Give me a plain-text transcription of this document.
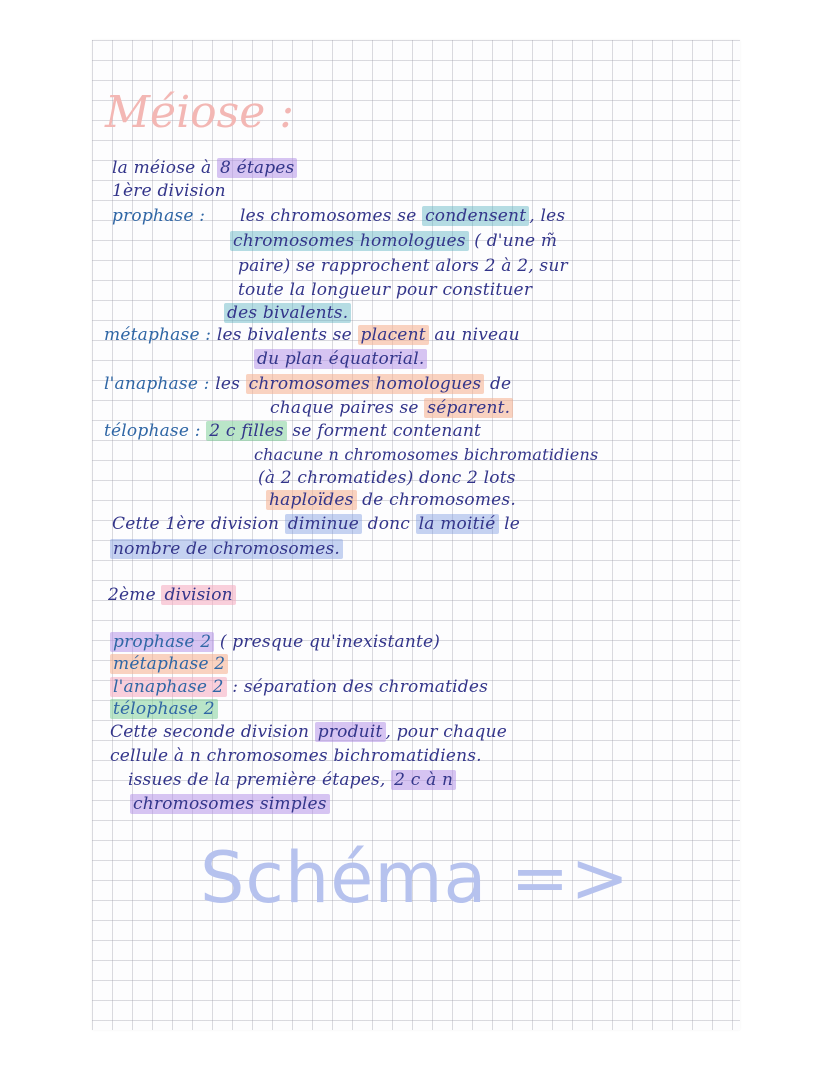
Méiose :
la méiose à 8 étapes
1ère division
prophase : les chromosomes se condensent , les
chromosomes homologues ( d'une m̃
paire) se rapprochent alors 2 à 2, sur
toute la longueur pour constituer
des bivalents.
métaphase : les bivalents se placent au niveau
du plan équatorial.
l'anaphase : les chromosomes homologues de
chaque paires se séparent.
télophase : 2 c filles se forment contenant
chacune n chromosomes bichromatidiens
(à 2 chromatides) donc 2 lots
haploïdes de chromosomes.
Cette 1ère division diminue donc la moitié le
nombre de chromosomes.
2ème division
prophase 2 ( presque qu'inexistante)
métaphase 2
l'anaphase 2 : séparation des chromatides
télophase 2
Cette seconde division produit , pour chaque
cellule à n chromosomes bichromatidiens.
issues de la première étapes, 2 c à n
chromosomes simples
Schéma =>
